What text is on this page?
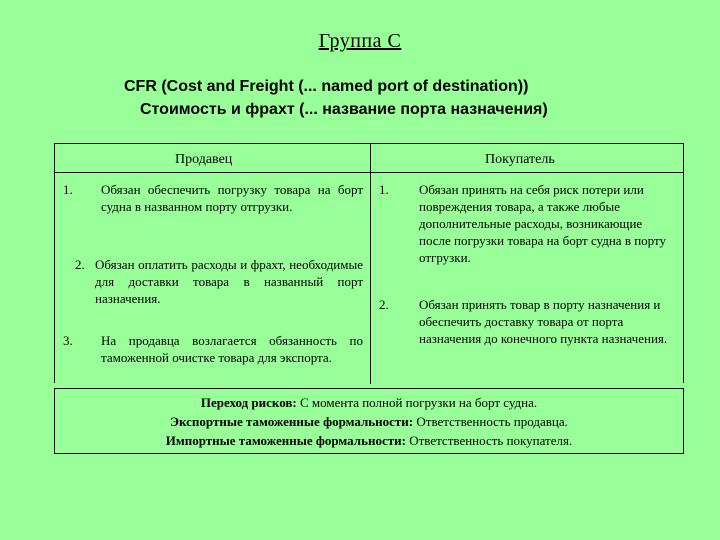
Группа С
CFR (Cost and Freight (... named port of destination))
Стоимость и фрахт (... название порта назначения)
Продавец	Покупатель
1. Обязан обеспечить погрузку товара на борт судна в названном порту отгрузки.
2. Обязан оплатить расходы и фрахт, необходимые для доставки товара в названный порт назначения.
3. На продавца возлагается обязанность по таможенной очистке товара для экспорта.
1. Обязан принять на себя риск потери или повреждения товара, а также любые дополнительные расходы, возникающие после погрузки товара на борт судна в порту отгрузки.
2. Обязан принять товар в порту назначения и обеспечить доставку товара от порта назначения до конечного пункта назначения.
Переход рисков: С момента полной погрузки на борт судна.
Экспортные таможенные формальности: Ответственность продавца.
Импортные таможенные формальности: Ответственность покупателя.
